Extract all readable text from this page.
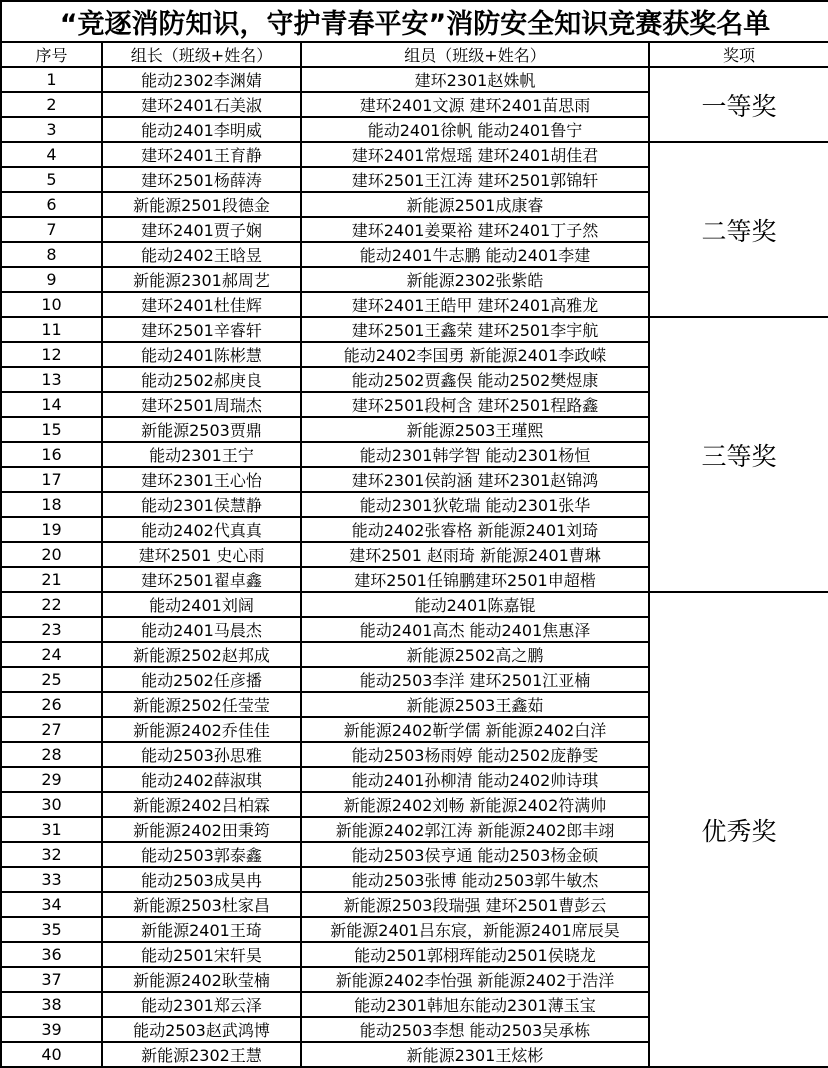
“竞逐消防知识，守护青春平安”消防安全知识竞赛获奖名单			
序号	组长（班级+姓名）	组员（班级+姓名）	奖项
1	能动2302李渊婧	建环2301赵姝帆	一等奖
2	建环2401石美淑	建环2401文源 建环2401苗思雨	
3	能动2401李明威	能动2401徐帆 能动2401鲁宁	
4	建环2401王育静	建环2401常煜瑶 建环2401胡佳君	二等奖
5	建环2501杨薛涛	建环2501王江涛 建环2501郭锦轩	
6	新能源2501段德金	新能源2501成康睿	
7	建环2401贾子娴	建环2401姜粟裕 建环2401丁子然	
8	能动2402王晗昱	能动2401牛志鹏 能动2401李建	
9	新能源2301郝周艺	新能源2302张紫皓	
10	建环2401杜佳辉	建环2401王皓甲 建环2401高雅龙	
11	建环2501辛睿轩	建环2501王鑫荣 建环2501李宇航	三等奖
12	能动2401陈彬慧	能动2402李国勇 新能源2401李政嵘	
13	能动2502郝庚良	能动2502贾鑫俣 能动2502樊煜康	
14	建环2501周瑞杰	建环2501段柯含 建环2501程路鑫	
15	新能源2503贾鼎	新能源2503王瑾熙	
16	能动2301王宁	能动2301韩学智 能动2301杨恒	
17	建环2301王心怡	建环2301侯韵涵 建环2301赵锦鸿	
18	能动2301侯慧静	能动2301狄乾瑞 能动2301张华	
19	能动2402代真真	能动2402张睿格 新能源2401刘琦	
20	建环2501 史心雨	建环2501 赵雨琦 新能源2401曹琳	
21	建环2501翟卓鑫	建环2501任锦鹏建环2501申超楷	
22	能动2401刘阔	能动2401陈嘉锟	优秀奖
23	能动2401马晨杰	能动2401高杰 能动2401焦惠泽	
24	新能源2502赵邦成	新能源2502高之鹏	
25	能动2502任彦播	能动2503李洋 建环2501江亚楠	
26	新能源2502任莹莹	新能源2503王鑫茹	
27	新能源2402乔佳佳	新能源2402靳学儒 新能源2402白洋	
28	能动2503孙思雅	能动2503杨雨婷 能动2502庞静雯	
29	能动2402薛淑琪	能动2401孙柳清 能动2402帅诗琪	
30	新能源2402吕柏霖	新能源2402刘畅 新能源2402符满帅	
31	新能源2402田秉筠	新能源2402郭江涛 新能源2402郎丰翊	
32	能动2503郭泰鑫	能动2503侯亨通 能动2503杨金硕	
33	能动2503成昊冉	能动2503张博 能动2503郭牛敏杰	
34	新能源2503杜家昌	新能源2503段瑞强 建环2501曹彭云	
35	新能源2401王琦	新能源2401吕东宸，新能源2401席辰昊	
36	能动2501宋轩昊	能动2501郭栩珲能动2501侯晓龙	
37	新能源2402耿莹楠	新能源2402李怡强 新能源2402于浩洋	
38	能动2301郑云泽	能动2301韩旭东能动2301薄玉宝	
39	能动2503赵武鸿博	能动2503李想 能动2503吴承栋	
40	新能源2302王慧	新能源2301王炫彬	
